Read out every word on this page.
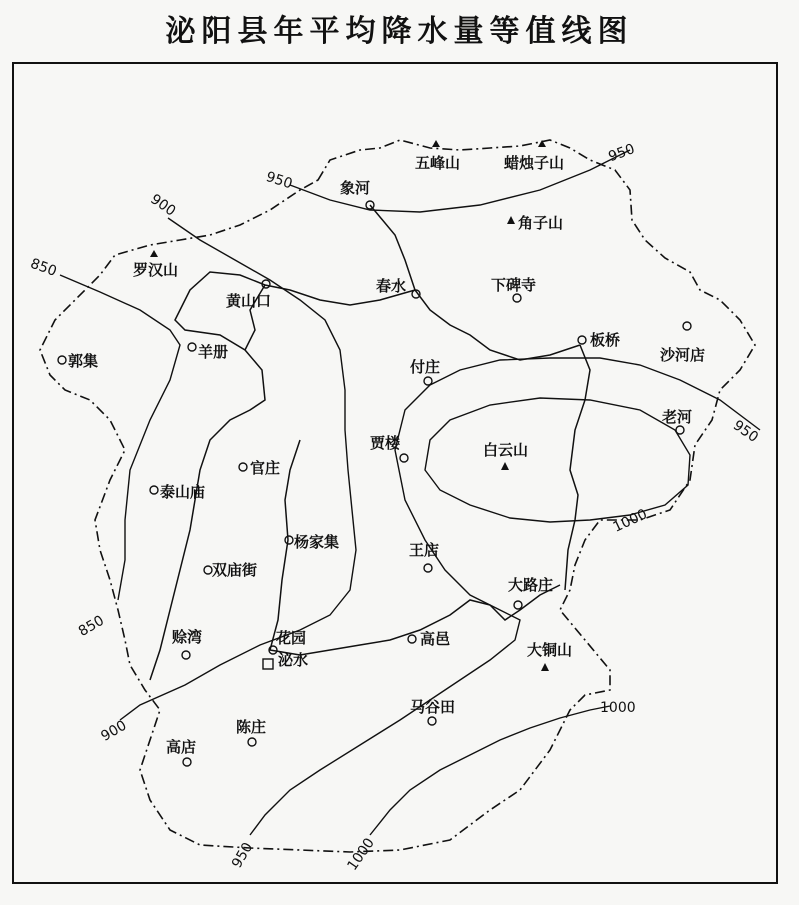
泌阳县年平均降水量等值线图
850
850
900
900
950
950
950
950
1000
1000
1000
象河
春水	下碑寺
黄山口
羊册
郭集
板桥
沙河店
付庄
老河
贾楼
官庄
泰山庙
杨家集	王店
双庙街
大路庄
高邑
赊湾	花园
泌水
陈庄
马谷田
高店
五峰山	蜡烛子山
角子山
罗汉山
白云山
大铜山
